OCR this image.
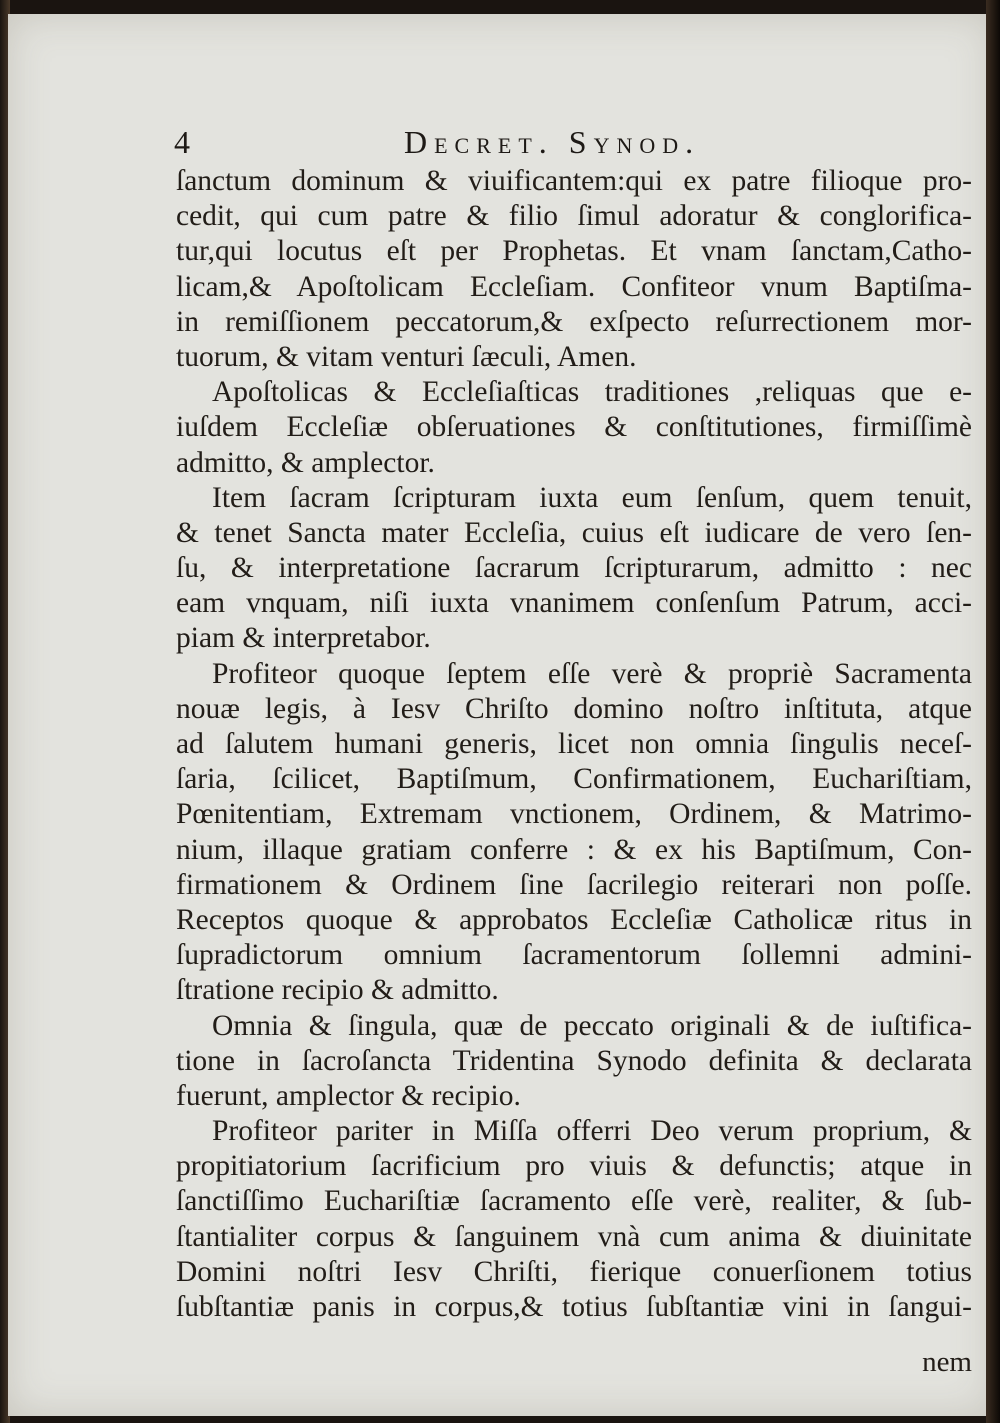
4	Decret. Synod.
ſanctum dominum & viuificantem:qui ex patre filioque pro-
cedit, qui cum patre & filio ſimul adoratur & conglorifica-
tur,qui locutus eſt per Prophetas. Et vnam ſanctam,Catho-
licam,& Apoſtolicam Eccleſiam. Confiteor vnum Baptiſma-
in remiſſionem peccatorum,& exſpecto reſurrectionem mor-
tuorum, & vitam venturi ſæculi, Amen.
Apoſtolicas & Eccleſiaſticas traditiones ,reliquas que e-
iuſdem Eccleſiæ obſeruationes & conſtitutiones, firmiſſimè
admitto, & amplector.
Item ſacram ſcripturam iuxta eum ſenſum, quem tenuit,
& tenet Sancta mater Eccleſia, cuius eſt iudicare de vero ſen-
ſu, & interpretatione ſacrarum ſcripturarum, admitto : nec
eam vnquam, niſi iuxta vnanimem conſenſum Patrum, acci-
piam & interpretabor.
Profiteor quoque ſeptem eſſe verè & propriè Sacramenta
nouæ legis, à Iesv Chriſto domino noſtro inſtituta, atque
ad ſalutem humani generis, licet non omnia ſingulis neceſ-
ſaria, ſcilicet, Baptiſmum, Confirmationem, Euchariſtiam,
Pœnitentiam, Extremam vnctionem, Ordinem, & Matrimo-
nium, illaque gratiam conferre : & ex his Baptiſmum, Con-
firmationem & Ordinem ſine ſacrilegio reiterari non poſſe.
Receptos quoque & approbatos Eccleſiæ Catholicæ ritus in
ſupradictorum omnium ſacramentorum ſollemni admini-
ſtratione recipio & admitto.
Omnia & ſingula, quæ de peccato originali & de iuſtifica-
tione in ſacroſancta Tridentina Synodo definita & declarata
fuerunt, amplector & recipio.
Profiteor pariter in Miſſa offerri Deo verum proprium, &
propitiatorium ſacrificium pro viuis & defunctis; atque in
ſanctiſſimo Euchariſtiæ ſacramento eſſe verè, realiter, & ſub-
ſtantialiter corpus & ſanguinem vnà cum anima & diuinitate
Domini noſtri Iesv Chriſti, fierique conuerſionem totius
ſubſtantiæ panis in corpus,& totius ſubſtantiæ vini in ſangui-
nem
